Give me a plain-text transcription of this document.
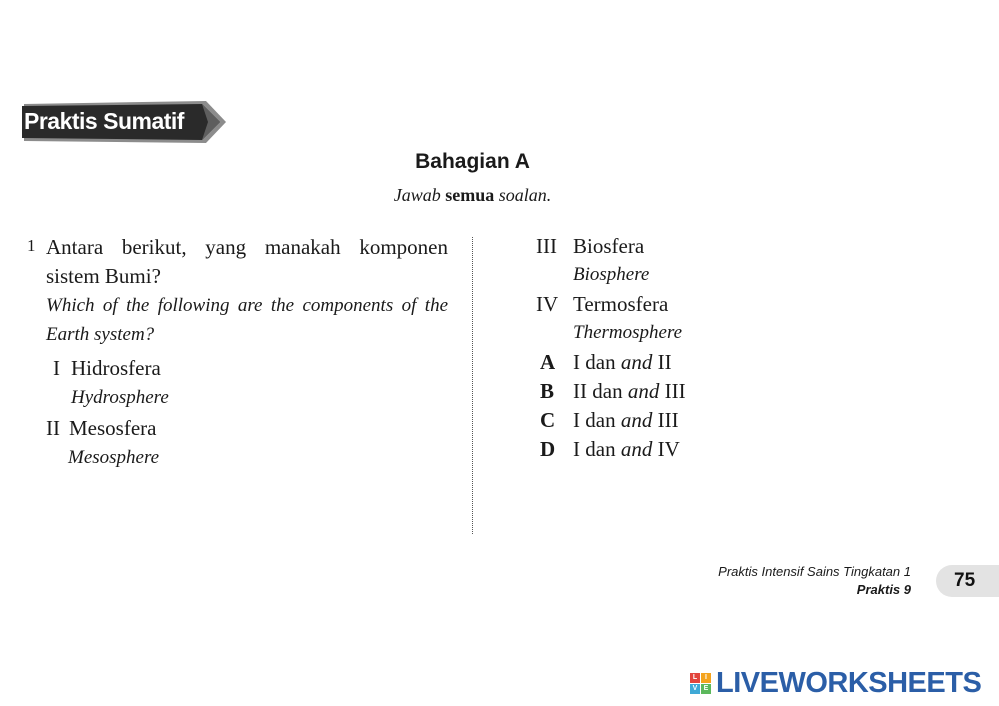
Praktis Sumatif
Bahagian A
Jawab semua soalan.
1 Antara berikut, yang manakah komponen
sistem Bumi?
Which of the following are the components of the
Earth system?
I Hidrosfera
Hydrosphere
II Mesosfera
Mesosphere
III Biosfera
Biosphere
IV Termosfera
Thermosphere
A I dan and II
B II dan and III
C I dan and III
D I dan and IV
Praktis Intensif Sains Tingkatan 1
Praktis 9	75
L	I
V E LIVEWORKSHEETS
